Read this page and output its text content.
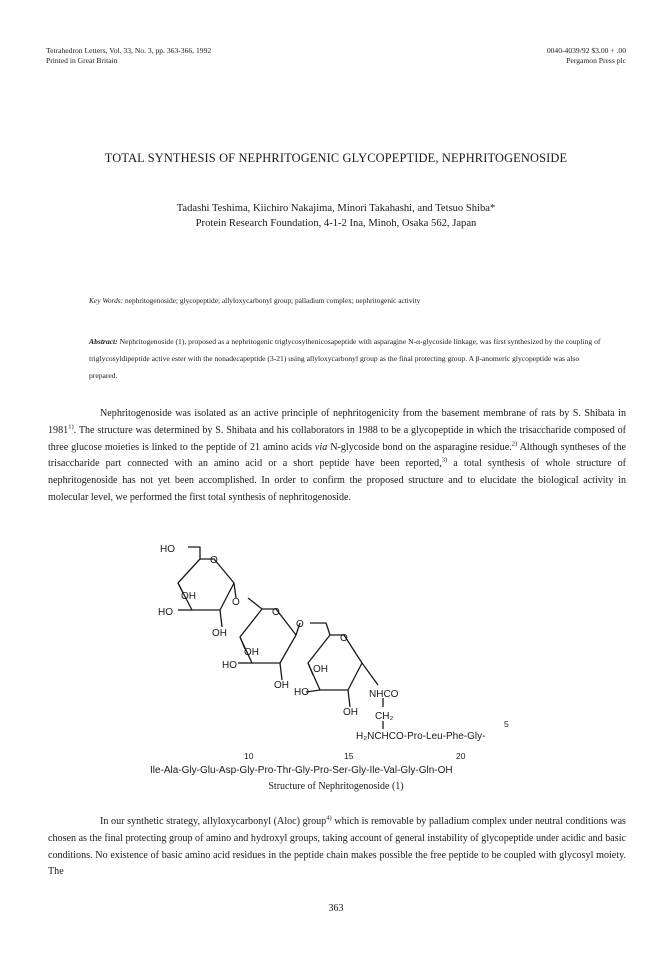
Tetrahedron Letters, Vol. 33, No. 3, pp. 363-366, 1992
Printed in Great Britain
0040-4039/92 $3.00 + .00
Pergamon Press plc
TOTAL SYNTHESIS OF NEPHRITOGENIC GLYCOPEPTIDE, NEPHRITOGENOSIDE
Tadashi Teshima, Kiichiro Nakajima, Minori Takahashi, and Tetsuo Shiba*
Protein Research Foundation, 4-1-2 Ina, Minoh, Osaka 562, Japan
Key Words: nephritogenoside; glycopeptide; allyloxycarbonyl group; palladium complex; nephritogenic activity
Abstract: Nephritogenoside (1), proposed as a nephritogenic triglycosylhenicosapeptide with asparagine N-α-glycoside linkage, was first synthesized by the coupling of triglycosyldipeptide active ester with the nonadecapeptide (3-21) using allyloxycarbonyl group as the final protecting group. A β-anomeric glycopeptide was also prepared.

Nephritogenoside was isolated as an active principle of nephritogenicity from the basement membrane of rats by S. Shibata in 1981$^{1)}$. The structure was determined by S. Shibata and his collaborators in 1988 to be a glycopeptide in which the trisaccharide composed of three glucose moieties is linked to the peptide of 21 amino acids via N-glycoside bond on the asparagine residue.$^{2)}$ Although syntheses of the trisaccharide part connected with an amino acid or a short peptide have been reported,$^{3)}$ a total synthesis of whole structure of nephritogenoside has not yet been accomplished. In order to confirm the proposed structure and to elucidate the biological activity in molecular level, we performed the first total synthesis of nephritogenoside.

HO
O
OH
HO
O
OH
O
O
OH
HO
OH
HO
O
OH
OH
NHCO
CH₂
H₂NCHCO-Pro-Leu-Phe-Gly-
5
10	15	20
Ile-Ala-Gly-Glu-Asp-Gly-Pro-Thr-Gly-Pro-Ser-Gly-Ile-Val-Gly-Gln-OH
Structure of Nephritogenoside (1)

In our synthetic strategy, allyloxycarbonyl (Aloc) group$^{4)}$ which is removable by palladium complex under neutral conditions was chosen as the final protecting group of amino and hydroxyl groups, taking account of general instability of glycopeptide under acidic and basic conditions. No existence of basic amino acid residues in the peptide chain makes possible the free peptide to be coupled with glycosyl moiety. The

363
